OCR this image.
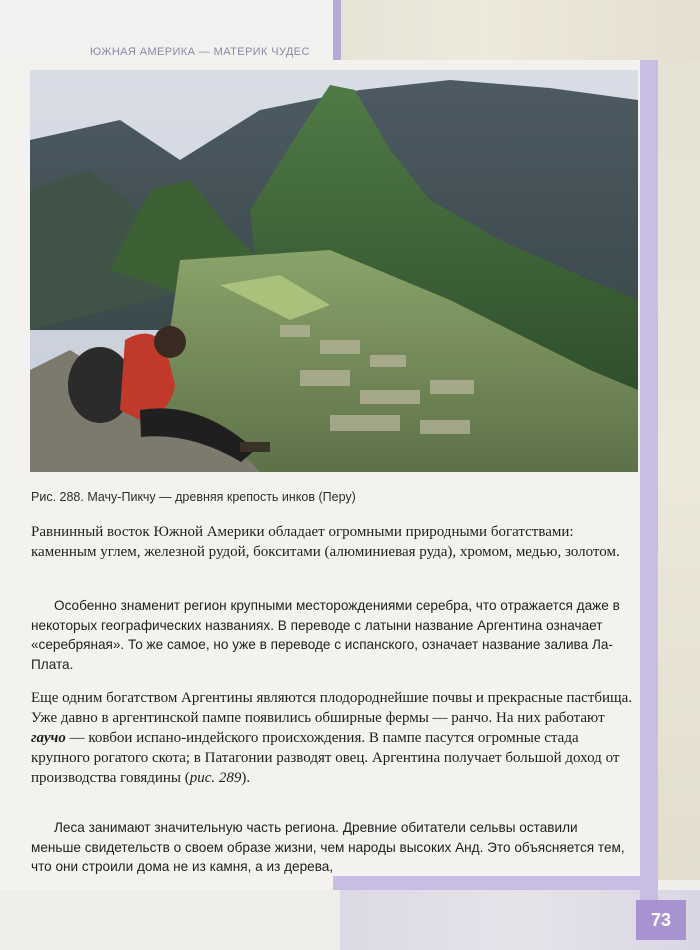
ЮЖНАЯ АМЕРИКА — МАТЕРИК ЧУДЕС
Рис. 288. Мачу-Пикчу — древняя крепость инков (Перу)
Равнинный восток Южной Америки обладает огромными природными богатствами: каменным углем, железной рудой, бокситами (алюминиевая руда), хромом, медью, золотом.
Особенно знаменит регион крупными месторождениями серебра, что отражается даже в некоторых географических названиях. В переводе с латыни название Аргентина означает «серебряная». То же самое, но уже в переводе с испанского, означает название залива Ла-Плата.
Еще одним богатством Аргентины являются плодороднейшие почвы и прекрасные пастбища. Уже давно в аргентинской пампе появились обширные фермы — ранчо. На них работают гаучо — ковбои испано-индейского происхождения. В пампе пасутся огромные стада крупного рогатого скота; в Патагонии разводят овец. Аргентина получает большой доход от производства говядины (рис. 289).
Леса занимают значительную часть региона. Древние обитатели сельвы оставили меньше свидетельств о своем образе жизни, чем народы высоких Анд. Это объясняется тем, что они строили дома не из камня, а из дерева,
73
